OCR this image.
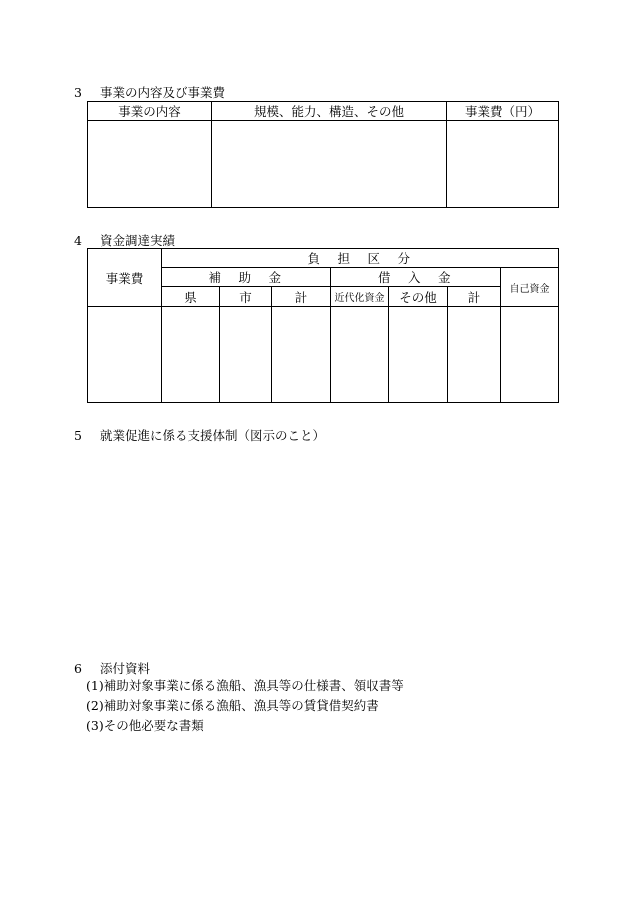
3 事業の内容及び事業費
事業の内容	規模、能力、構造、その他	事業費（円）

4 資金調達実績
事業費	負　担　区　分						
	補　助　金			借　入　金			自己資金
	県	市	計	近代化資金	その他	計	

5 就業促進に係る支援体制（図示のこと）
6 添付資料
(1)補助対象事業に係る漁船、漁具等の仕様書、領収書等
(2)補助対象事業に係る漁船、漁具等の賃貸借契約書
(3)その他必要な書類
